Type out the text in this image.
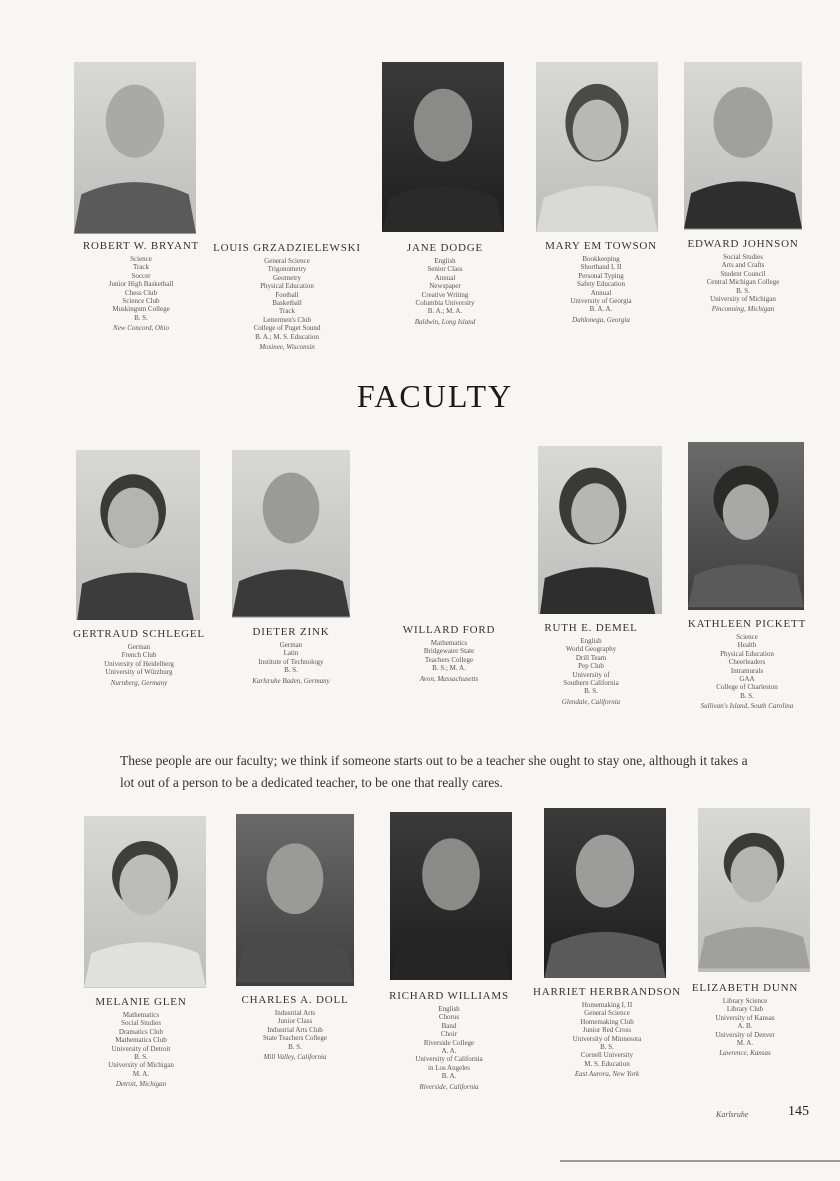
ROBERT W. BRYANT
Science
Track
Soccer
Junior High Basketball
Chess Club
Science Club
Muskingum College
B. S.
New Concord, Ohio
LOUIS GRZADZIELEWSKI
General Science
Trigonometry
Geometry
Physical Education
Football
Basketball
Track
Lettermen's Club
College of Puget Sound
B. A.; M. S. Education
Mosinee, Wisconsin
JANE DODGE
English
Senior Class
Annual
Newspaper
Creative Writing
Columbia University
B. A.; M. A.
Baldwin, Long Island
MARY EM TOWSON
Bookkeeping
Shorthand I, II
Personal Typing
Safety Education
Annual
University of Georgia
B. A. A.
Dahlonega, Georgia
EDWARD JOHNSON
Social Studies
Arts and Crafts
Student Council
Central Michigan College
B. S.
University of Michigan
Pinconning, Michigan
FACULTY
GERTRAUD SCHLEGEL
German
French Club
University of Heidelberg
University of Würzburg
Nurnberg, Germany
DIETER ZINK
German
Latin
Institute of Technology
B. S.
Karlsruhe Baden, Germany
WILLARD FORD
Mathematics
Bridgewater State
Teachers College
B. S.; M. A.
Avon, Massachusetts
RUTH E. DEMEL
English
World Geography
Drill Team
Pep Club
University of
Southern California
B. S.
Glendale, California
KATHLEEN PICKETT
Science
Health
Physical Education
Cheerleaders
Intramurals
GAA
College of Charleston
B. S.
Sullivan's Island, South Carolina
These people are our faculty; we think if someone starts out to be a teacher she ought to stay one, although it takes a lot out of a person to be a dedicated teacher, to be one that really cares.
MELANIE GLEN
Mathematics
Social Studies
Dramatics Club
Mathematics Club
University of Detroit
B. S.
University of Michigan
M. A.
Detroit, Michigan
CHARLES A. DOLL
Industrial Arts
Junior Class
Industrial Arts Club
State Teachers College
B. S.
Mill Valley, California
RICHARD WILLIAMS
English
Chorus
Band
Choir
Riverside College
A. A.
University of California
in Los Angeles
B. A.
Riverside, California
HARRIET HERBRANDSON
Homemaking I, II
General Science
Homemaking Club
Junior Red Cross
University of Minnesota
B. S.
Cornell University
M. S. Education
East Aurora, New York
ELIZABETH DUNN
Library Science
Library Club
University of Kansas
A. B.
University of Denver
M. A.
Lawrence, Kansas
Karlsruhe	145
